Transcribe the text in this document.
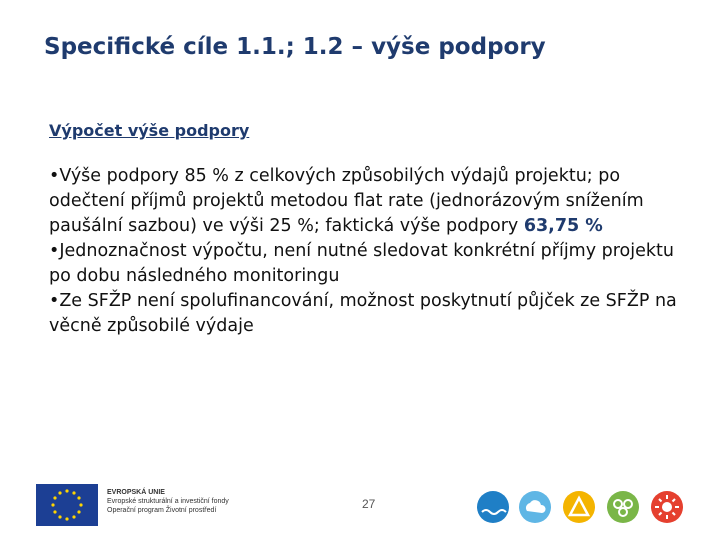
Specifické cíle 1.1.; 1.2 – výše podpory
Výpočet výše podpory

•Výše podpory 85 % z celkových způsobilých výdajů projektu; po odečtení příjmů projektů metodou flat rate (jednorázovým snížením paušální sazbou) ve výši 25 %; faktická výše podpory 63,75 %

•Jednoznačnost výpočtu, není nutné sledovat konkrétní příjmy projektu po dobu následného monitoringu

•Ze SFŽP není spolufinancování, možnost poskytnutí půjček ze SFŽP na věcně způsobilé výdaje

EVROPSKÁ UNIE
Evropské strukturální a investiční fondy
Operační program Životní prostředí	27
